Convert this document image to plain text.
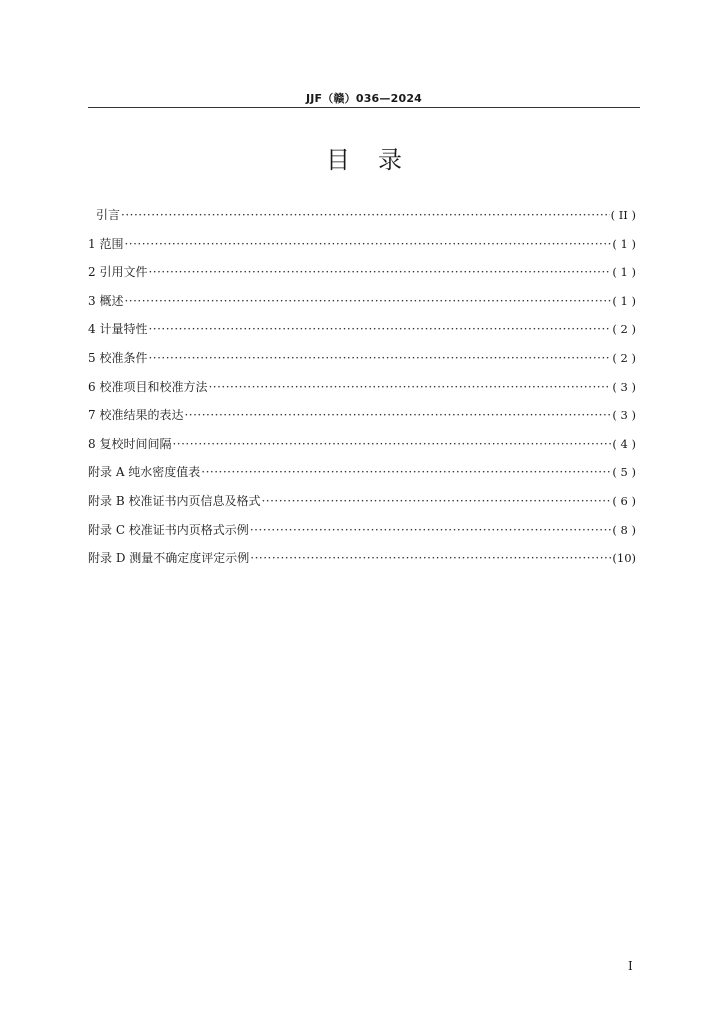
JJF（赣）036—2024
目录
引言 ·····	( II )
1 范围 ·····	( 1 )
2 引用文件 ·····	( 1 )
3 概述 ·····	( 1 )
4 计量特性 ·····	( 2 )
5 校准条件 ·····	( 2 )
6 校准项目和校准方法 ·····	( 3 )
7 校准结果的表达 ·····	( 3 )
8 复校时间间隔 ·····	( 4 )
附录 A 纯水密度值表 ·····	( 5 )
附录 B 校准证书内页信息及格式 ·····	( 6 )
附录 C 校准证书内页格式示例 ·····	( 8 )
附录 D 测量不确定度评定示例 ·····	(10)
I
